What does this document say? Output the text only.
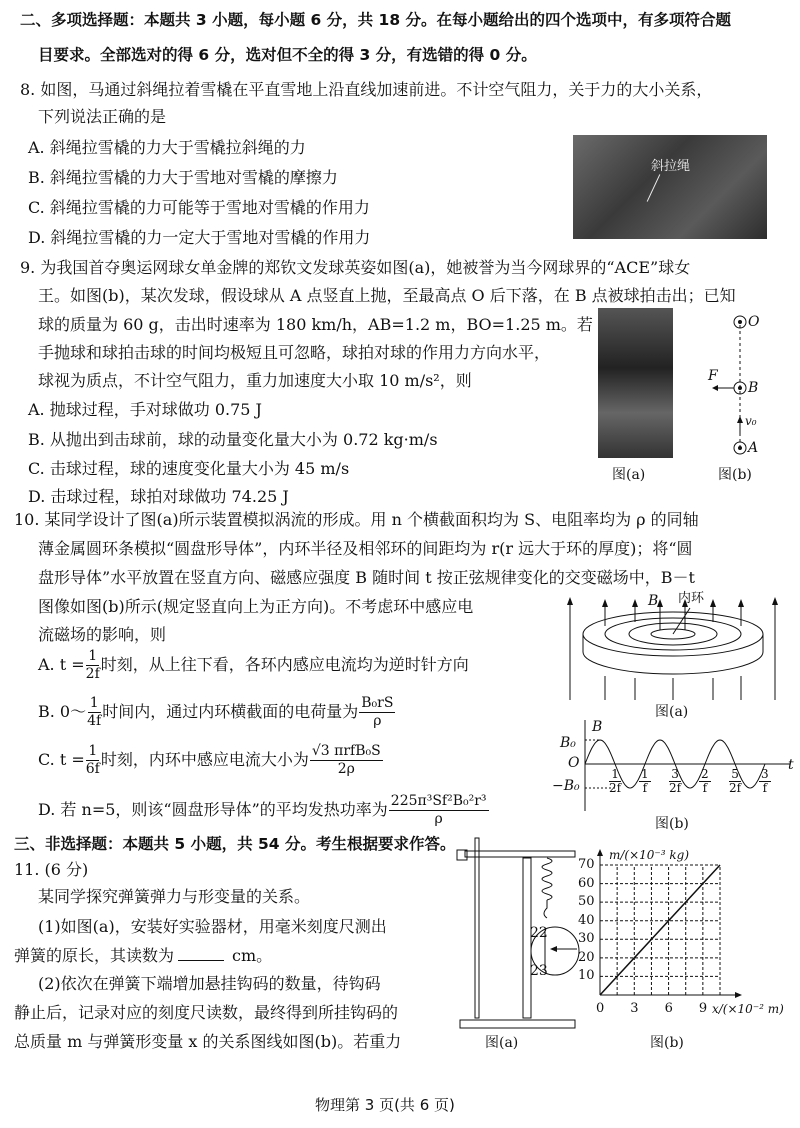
二、多项选择题：本题共 3 小题，每小题 6 分，共 18 分。在每小题给出的四个选项中，有多项符合题
目要求。全部选对的得 6 分，选对但不全的得 3 分，有选错的得 0 分。
8. 如图，马通过斜绳拉着雪橇在平直雪地上沿直线加速前进。不计空气阻力，关于力的大小关系，
下列说法正确的是
A. 斜绳拉雪橇的力大于雪橇拉斜绳的力
B. 斜绳拉雪橇的力大于雪地对雪橇的摩擦力
C. 斜绳拉雪橇的力可能等于雪地对雪橇的作用力
D. 斜绳拉雪橇的力一定大于雪地对雪橇的作用力
斜拉绳
9. 为我国首夺奥运网球女单金牌的郑钦文发球英姿如图(a)，她被誉为当今网球界的“ACE”球女
王。如图(b)，某次发球，假设球从 A 点竖直上抛，至最高点 O 后下落，在 B 点被球拍击出；已知
球的质量为 60 g，击出时速率为 180 km/h，AB=1.2 m，BO=1.25 m。若
手抛球和球拍击球的时间均极短且可忽略，球拍对球的作用力方向水平，
球视为质点，不计空气阻力，重力加速度大小取 10 m/s²，则
A. 抛球过程，手对球做功 0.75 J
B. 从抛出到击球前，球的动量变化量大小为 0.72 kg·m/s
C. 击球过程，球的速度变化量大小为 45 m/s
D. 击球过程，球拍对球做功 74.25 J
图(a)
O
B
A
F
v₀
图(b)
10. 某同学设计了图(a)所示装置模拟涡流的形成。用 n 个横截面积均为 S、电阻率均为 ρ 的同轴
薄金属圆环条模拟“圆盘形导体”，内环半径及相邻环的间距均为 r(r 远大于环的厚度)；将“圆
盘形导体”水平放置在竖直方向、磁感应强度 B 随时间 t 按正弦规律变化的交变磁场中，B－t
图像如图(b)所示(规定竖直向上为正方向)。不考虑环中感应电
流磁场的影响，则
A. $t = \frac{1}{2f}$ 时刻，从上往下看，各环内感应电流均为逆时针方向
B. 0～ $\frac{1}{4f}$ 时间内，通过内环横截面的电荷量为 $\frac{\text{B₀rS}}{\rho}$
C. $t = \frac{1}{6f}$ 时刻，内环中感应电流大小为 $\frac{\text{√3 πrfB₀S}}{2\rho}$
D. 若 n=5，则该“圆盘形导体”的平均发热功率为 $\frac{\text{225π³Sf²B₀²r³}}{\rho}$
B 内环
图(a)
B
t
B₀
O
$-B_0 \frac{1}{2f} \frac{1}{f} \frac{3}{2f} \frac{2}{f} \frac{5}{2f} \frac{3}{f}$
图(b)
三、非选择题：本题共 5 小题，共 54 分。考生根据要求作答。
11. (6 分)
某同学探究弹簧弹力与形变量的关系。
(1)如图(a)，安装好实验器材，用毫米刻度尺测出
弹簧的原长，其读数为	cm。
(2)依次在弹簧下端增加悬挂钩码的数量，待钩码
静止后，记录对应的刻度尺读数，最终得到所挂钩码的
总质量 m 与弹簧形变量 x 的关系图线如图(b)。若重力
22
23
图(a)
m/(×10⁻³ kg)
x/(×10⁻² m)
10
20
30
40
50
60
70
0 3 6 9
图(b)
物理第 3 页(共 6 页)
